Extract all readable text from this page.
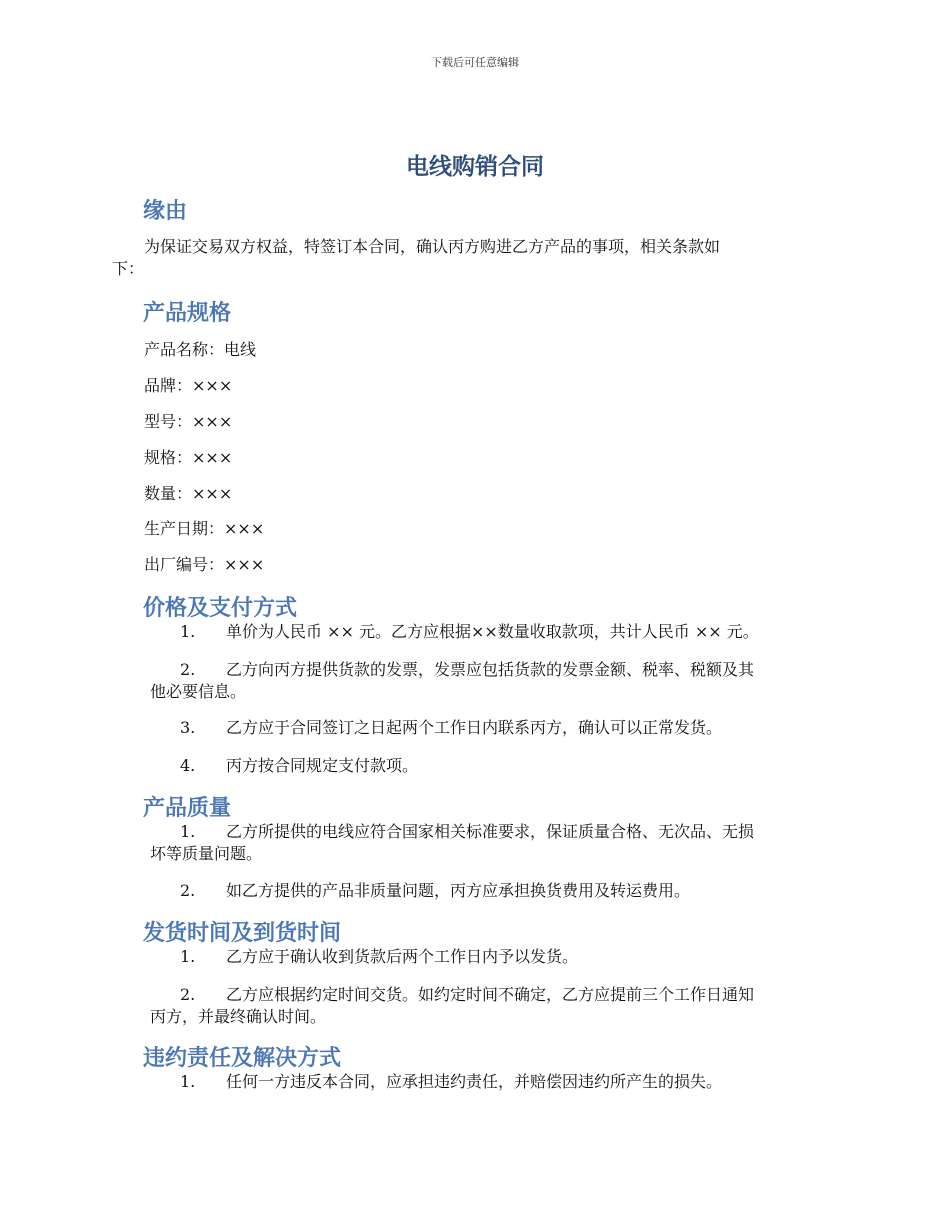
下载后可任意编辑
电线购销合同
缘由
为保证交易双方权益，特签订本合同，确认丙方购进乙方产品的事项，相关条款如
下：
产品规格
产品名称：电线
品牌：×××
型号：×××
规格：×××
数量：×××
生产日期：×××
出厂编号：×××
价格及支付方式
1. 单价为人民币 ×× 元。乙方应根据××数量收取款项，共计人民币 ×× 元。
2. 乙方向丙方提供货款的发票，发票应包括货款的发票金额、税率、税额及其
他必要信息。
3. 乙方应于合同签订之日起两个工作日内联系丙方，确认可以正常发货。
4. 丙方按合同规定支付款项。
产品质量
1. 乙方所提供的电线应符合国家相关标准要求，保证质量合格、无次品、无损
坏等质量问题。
2. 如乙方提供的产品非质量问题，丙方应承担换货费用及转运费用。
发货时间及到货时间
1. 乙方应于确认收到货款后两个工作日内予以发货。
2. 乙方应根据约定时间交货。如约定时间不确定，乙方应提前三个工作日通知
丙方，并最终确认时间。
违约责任及解决方式
1. 任何一方违反本合同，应承担违约责任，并赔偿因违约所产生的损失。
